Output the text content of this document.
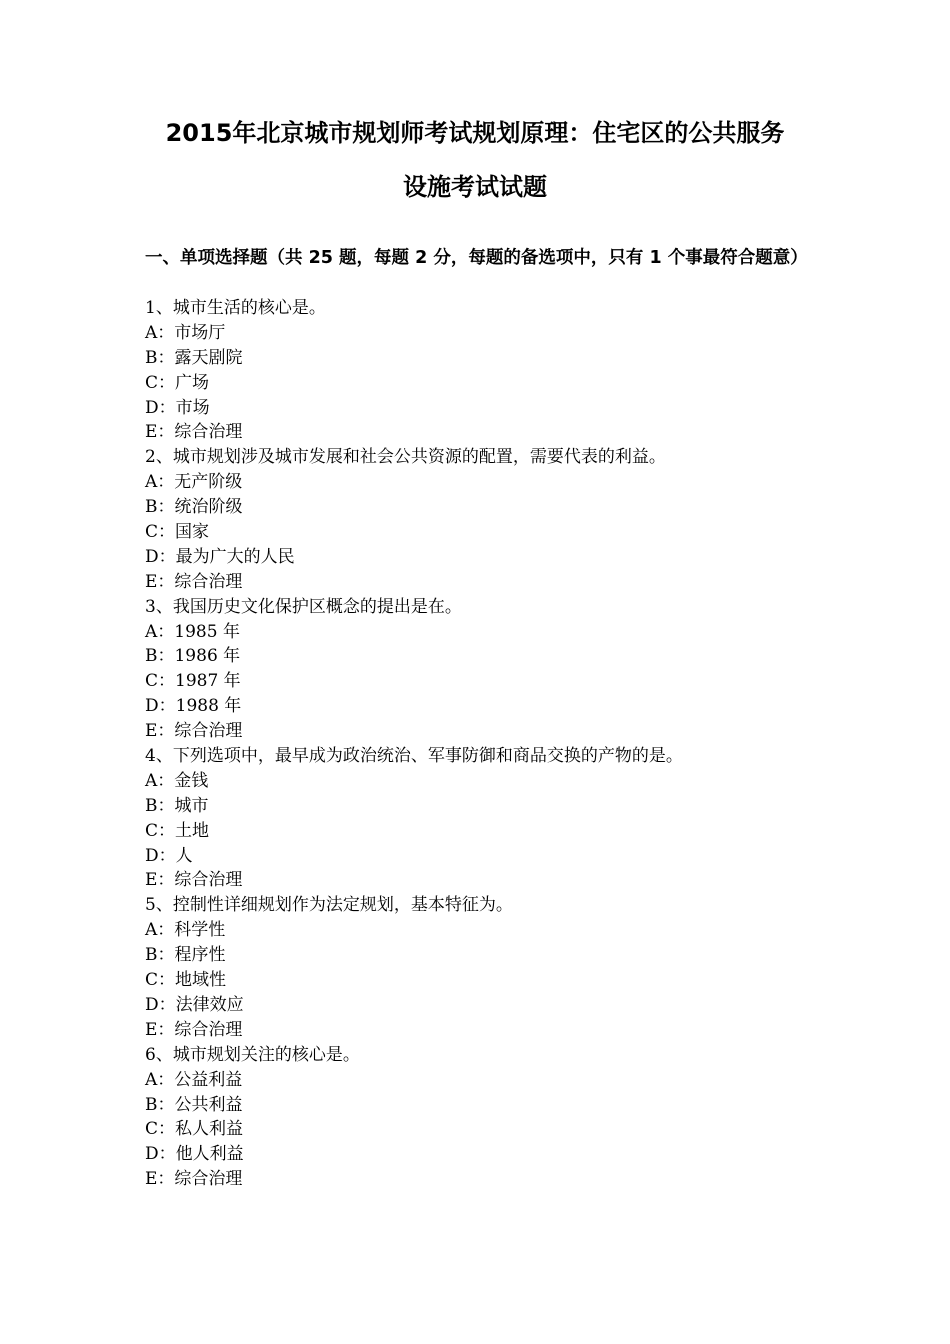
2015年北京城市规划师考试规划原理：住宅区的公共服务
设施考试试题
一、单项选择题（共 25 题，每题 2 分，每题的备选项中，只有 1 个事最符合题意）
1、城市生活的核心是。
A：市场厅
B：露天剧院
C：广场
D：市场
E：综合治理
2、城市规划涉及城市发展和社会公共资源的配置，需要代表的利益。
A：无产阶级
B：统治阶级
C：国家
D：最为广大的人民
E：综合治理
3、我国历史文化保护区概念的提出是在。
A：1985 年
B：1986 年
C：1987 年
D：1988 年
E：综合治理
4、下列选项中，最早成为政治统治、军事防御和商品交换的产物的是。
A：金钱
B：城市
C：土地
D：人
E：综合治理
5、控制性详细规划作为法定规划，基本特征为。
A：科学性
B：程序性
C：地域性
D：法律效应
E：综合治理
6、城市规划关注的核心是。
A：公益利益
B：公共利益
C：私人利益
D：他人利益
E：综合治理
